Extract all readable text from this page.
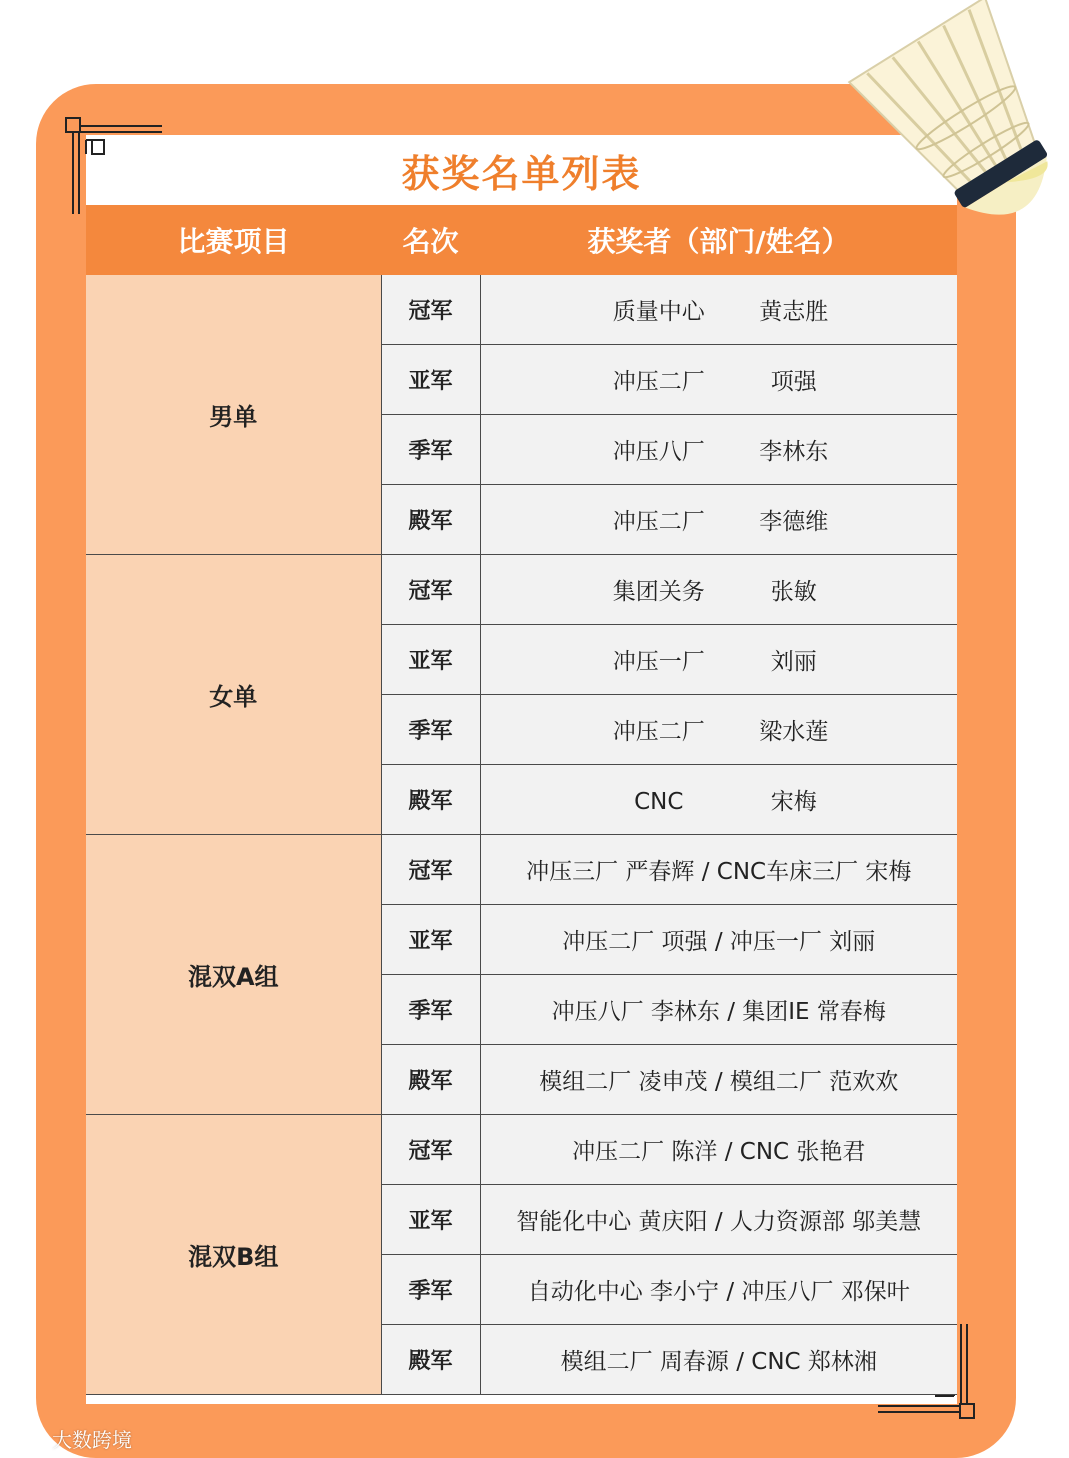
获奖名单列表
比赛项目	名次	获奖者（部门/姓名）
男单	冠军	质量中心 黄志胜
	亚军	冲压二厂 项强
	季军	冲压八厂 李林东
	殿军	冲压二厂 李德维
女单	冠军	集团关务 张敏
	亚军	冲压一厂 刘丽
	季军	冲压二厂 梁水莲
	殿军	CNC 宋梅
混双A组	冠军	冲压三厂 严春辉 / CNC车床三厂 宋梅
	亚军	冲压二厂 项强 / 冲压一厂 刘丽
	季军	冲压八厂 李林东 / 集团IE 常春梅
	殿军	模组二厂 凌申茂 / 模组二厂 范欢欢
混双B组	冠军	冲压二厂 陈洋 / CNC 张艳君
	亚军	智能化中心 黄庆阳 / 人力资源部 邬美慧
	季军	自动化中心 李小宁 / 冲压八厂 邓保叶
	殿军	模组二厂 周春源 / CNC 郑林湘
大数跨境
